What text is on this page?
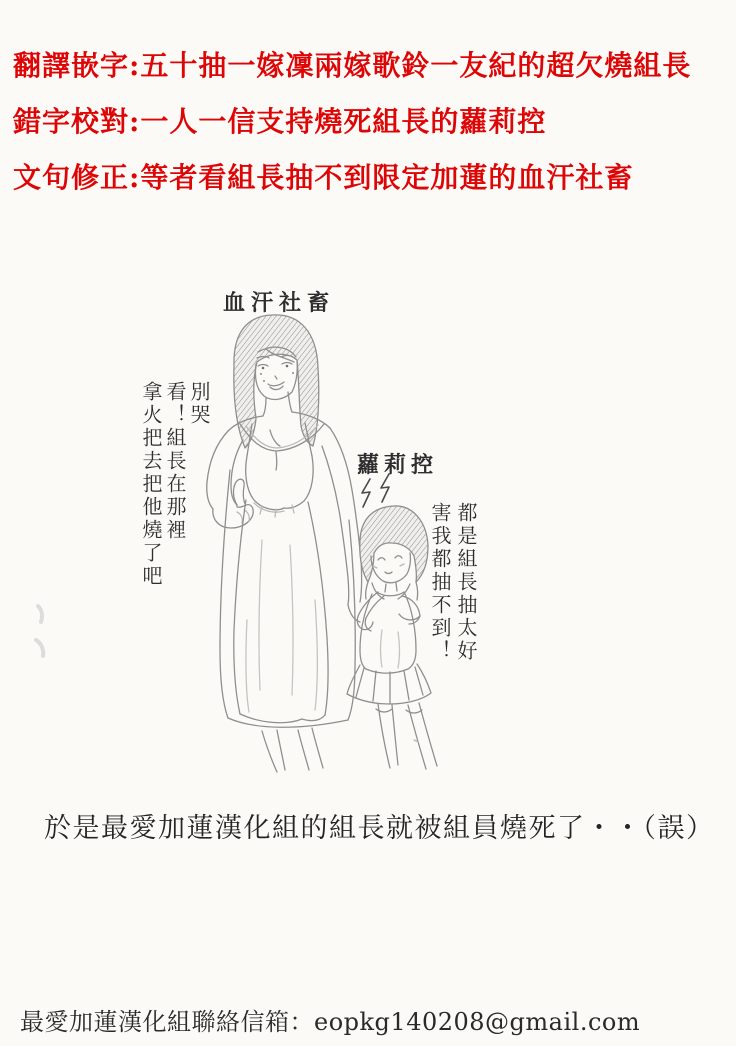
翻譯嵌字:五十抽一嫁凜兩嫁歌鈴一友紀的超欠燒組長
錯字校對:一人一信支持燒死組長的蘿莉控
文句修正:等者看組長抽不到限定加蓮的血汗社畜
血汗社畜
蘿莉控
別哭
看！組長在那裡
拿火把去把他燒了吧	都是組長抽太好
害我都抽不到！
於是最愛加蓮漢化組的組長就被組員燒死了・・（誤）
最愛加蓮漢化組聯絡信箱：eopkg140208@gmail.com
